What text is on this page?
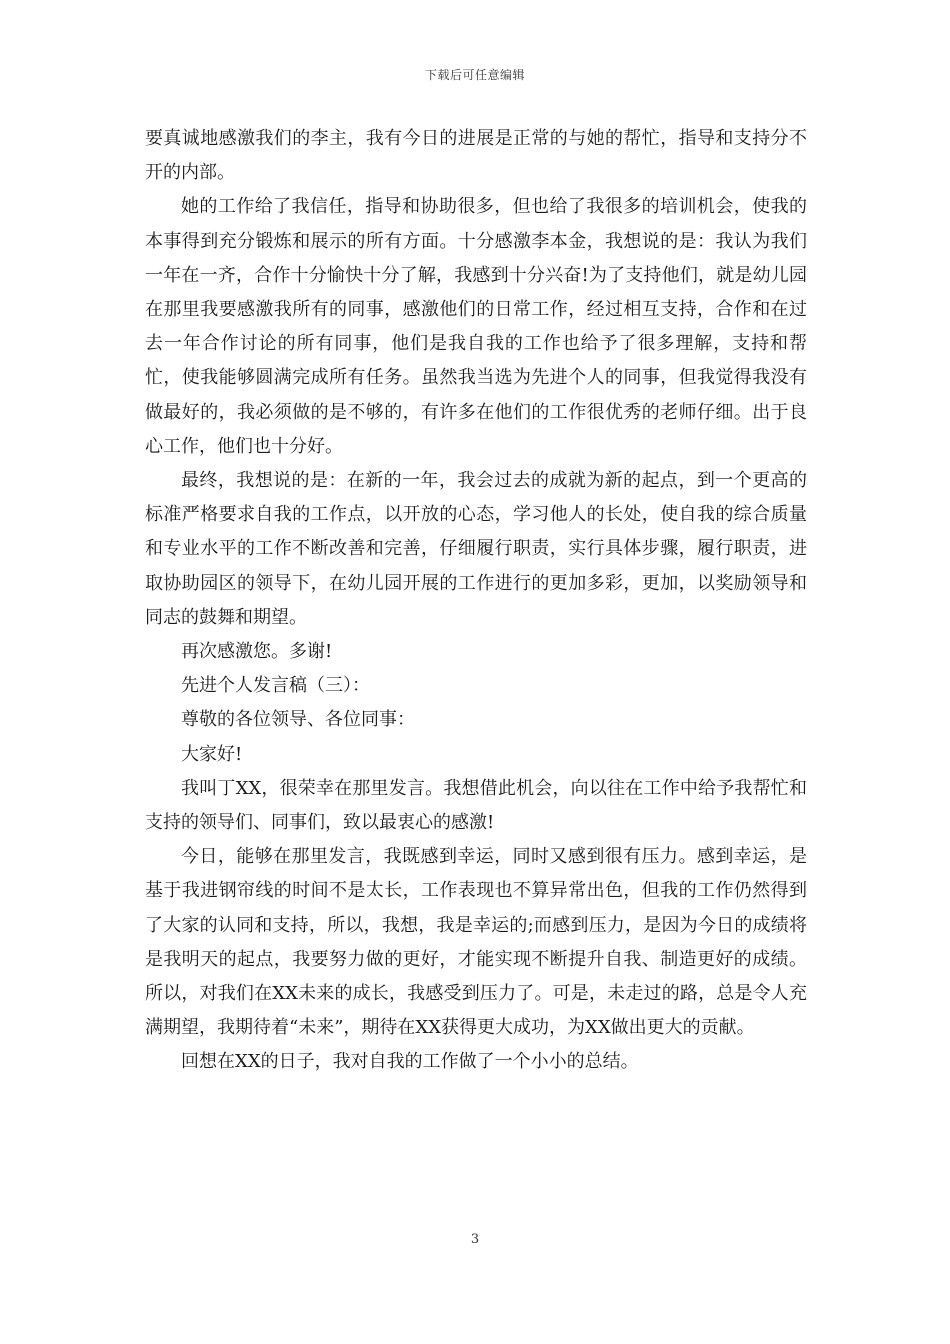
下载后可任意编辑

要真诚地感激我们的李主，我有今日的进展是正常的与她的帮忙，指导和支持分不开的内部。

她的工作给了我信任，指导和协助很多，但也给了我很多的培训机会，使我的本事得到充分锻炼和展示的所有方面。十分感激李本金，我想说的是：我认为我们一年在一齐，合作十分愉快十分了解，我感到十分兴奋!为了支持他们，就是幼儿园在那里我要感激我所有的同事，感激他们的日常工作，经过相互支持，合作和在过去一年合作讨论的所有同事，他们是我自我的工作也给予了很多理解，支持和帮忙，使我能够圆满完成所有任务。虽然我当选为先进个人的同事，但我觉得我没有做最好的，我必须做的是不够的，有许多在他们的工作很优秀的老师仔细。出于良心工作，他们也十分好。

最终，我想说的是：在新的一年，我会过去的成就为新的起点，到一个更高的标准严格要求自我的工作点，以开放的心态，学习他人的长处，使自我的综合质量和专业水平的工作不断改善和完善，仔细履行职责，实行具体步骤，履行职责，进取协助园区的领导下，在幼儿园开展的工作进行的更加多彩，更加，以奖励领导和同志的鼓舞和期望。

再次感激您。多谢!

先进个人发言稿（三）：

尊敬的各位领导、各位同事：

大家好!

我叫丁XX，很荣幸在那里发言。我想借此机会，向以往在工作中给予我帮忙和支持的领导们、同事们，致以最衷心的感激!

今日，能够在那里发言，我既感到幸运，同时又感到很有压力。感到幸运，是基于我进钢帘线的时间不是太长，工作表现也不算异常出色，但我的工作仍然得到了大家的认同和支持，所以，我想，我是幸运的;而感到压力，是因为今日的成绩将是我明天的起点，我要努力做的更好，才能实现不断提升自我、制造更好的成绩。所以，对我们在XX未来的成长，我感受到压力了。可是，未走过的路，总是令人充满期望，我期待着“未来”，期待在XX获得更大成功，为XX做出更大的贡献。

回想在XX的日子，我对自我的工作做了一个小小的总结。

3
